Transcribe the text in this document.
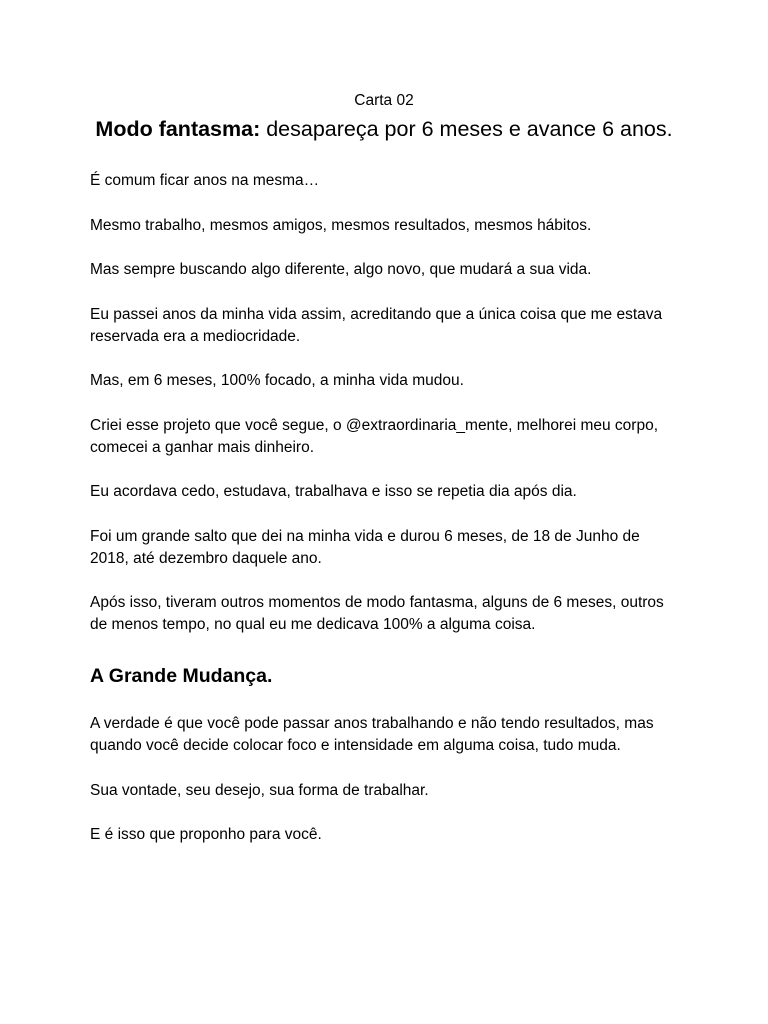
Carta 02

Modo fantasma: desapareça por 6 meses e avance 6 anos.

É comum ficar anos na mesma…

Mesmo trabalho, mesmos amigos, mesmos resultados, mesmos hábitos.

Mas sempre buscando algo diferente, algo novo, que mudará a sua vida.

Eu passei anos da minha vida assim, acreditando que a única coisa que me estava reservada era a mediocridade.

Mas, em 6 meses, 100% focado, a minha vida mudou.

Criei esse projeto que você segue, o @extraordinaria_mente, melhorei meu corpo, comecei a ganhar mais dinheiro.

Eu acordava cedo, estudava, trabalhava e isso se repetia dia após dia.

Foi um grande salto que dei na minha vida e durou 6 meses, de 18 de Junho de 2018, até dezembro daquele ano.

Após isso, tiveram outros momentos de modo fantasma, alguns de 6 meses, outros de menos tempo, no qual eu me dedicava 100% a alguma coisa.

A Grande Mudança.

A verdade é que você pode passar anos trabalhando e não tendo resultados, mas quando você decide colocar foco e intensidade em alguma coisa, tudo muda.

Sua vontade, seu desejo, sua forma de trabalhar.

E é isso que proponho para você.
